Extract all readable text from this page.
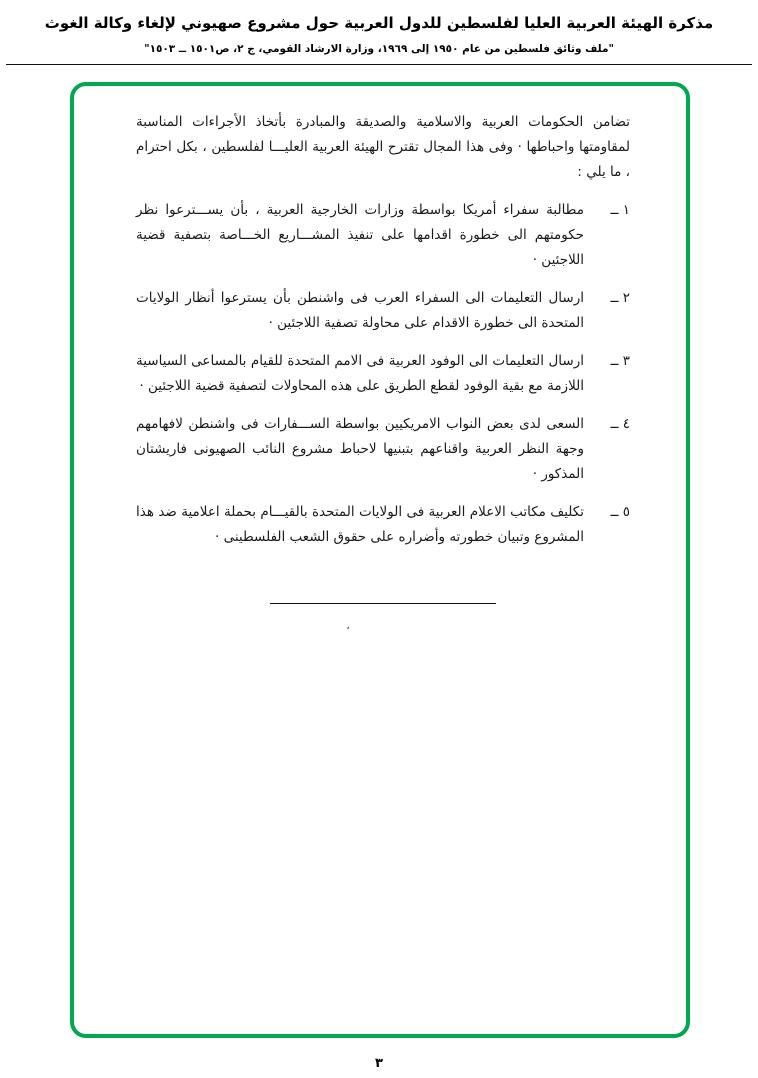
مذكرة الهيئة العربية العليا لفلسطين للدول العربية حول مشروع صهيوني لإلغاء وكالة الغوث
"ملف وثائق فلسطين من عام ١٩٥٠ إلى ١٩٦٩، وزارة الارشاد القومي، ج ٢، ص١٥٠١ ــ ١٥٠٣"

تضامن الحكومات العربية والاسلامية والصديقة والمبادرة بأتخاذ الأجراءات المناسبة لمقاومتها واحباطها · وفى هذا المجال تقترح الهيئة العربية العليـــا لفلسطين ، بكل احترام ، ما يلي :

١ ــ
مطالبة سفراء أمريكا بواسطة وزارات الخارجية العربية ، بأن يســـترعوا نظر حكومتهم الى خطورة اقدامها على تنفيذ المشـــاريع الخـــاصة بتصفية قضية اللاجئين ·
٢ ــ
ارسال التعليمات الى السفراء العرب فى واشنطن بأن يسترعوا أنظار الولايات المتحدة الى خطورة الاقدام على محاولة تصفية اللاجئين ·
٣ ــ
ارسال التعليمات الى الوفود العربية فى الامم المتحدة للقيام بالمساعى السياسية اللازمة مع بقية الوفود لقطع الطريق على هذه المحاولات لتصفية قضية اللاجئين ·
٤ ــ
السعى لدى بعض النواب الامريكيين بواسطة الســـفارات فى واشنطن لافهامهم وجهة النظر العربية واقناعهم بتبنيها لاحباط مشروع النائب الصهيونى فاريشتان المذكور ·
٥ ــ
تكليف مكاتب الاعلام العربية فى الولايات المتحدة بالقيـــام بحملة اعلامية ضد هذا المشروع وتبيان خطورته وأضراره على حقوق الشعب الفلسطينى ·
،
٣
